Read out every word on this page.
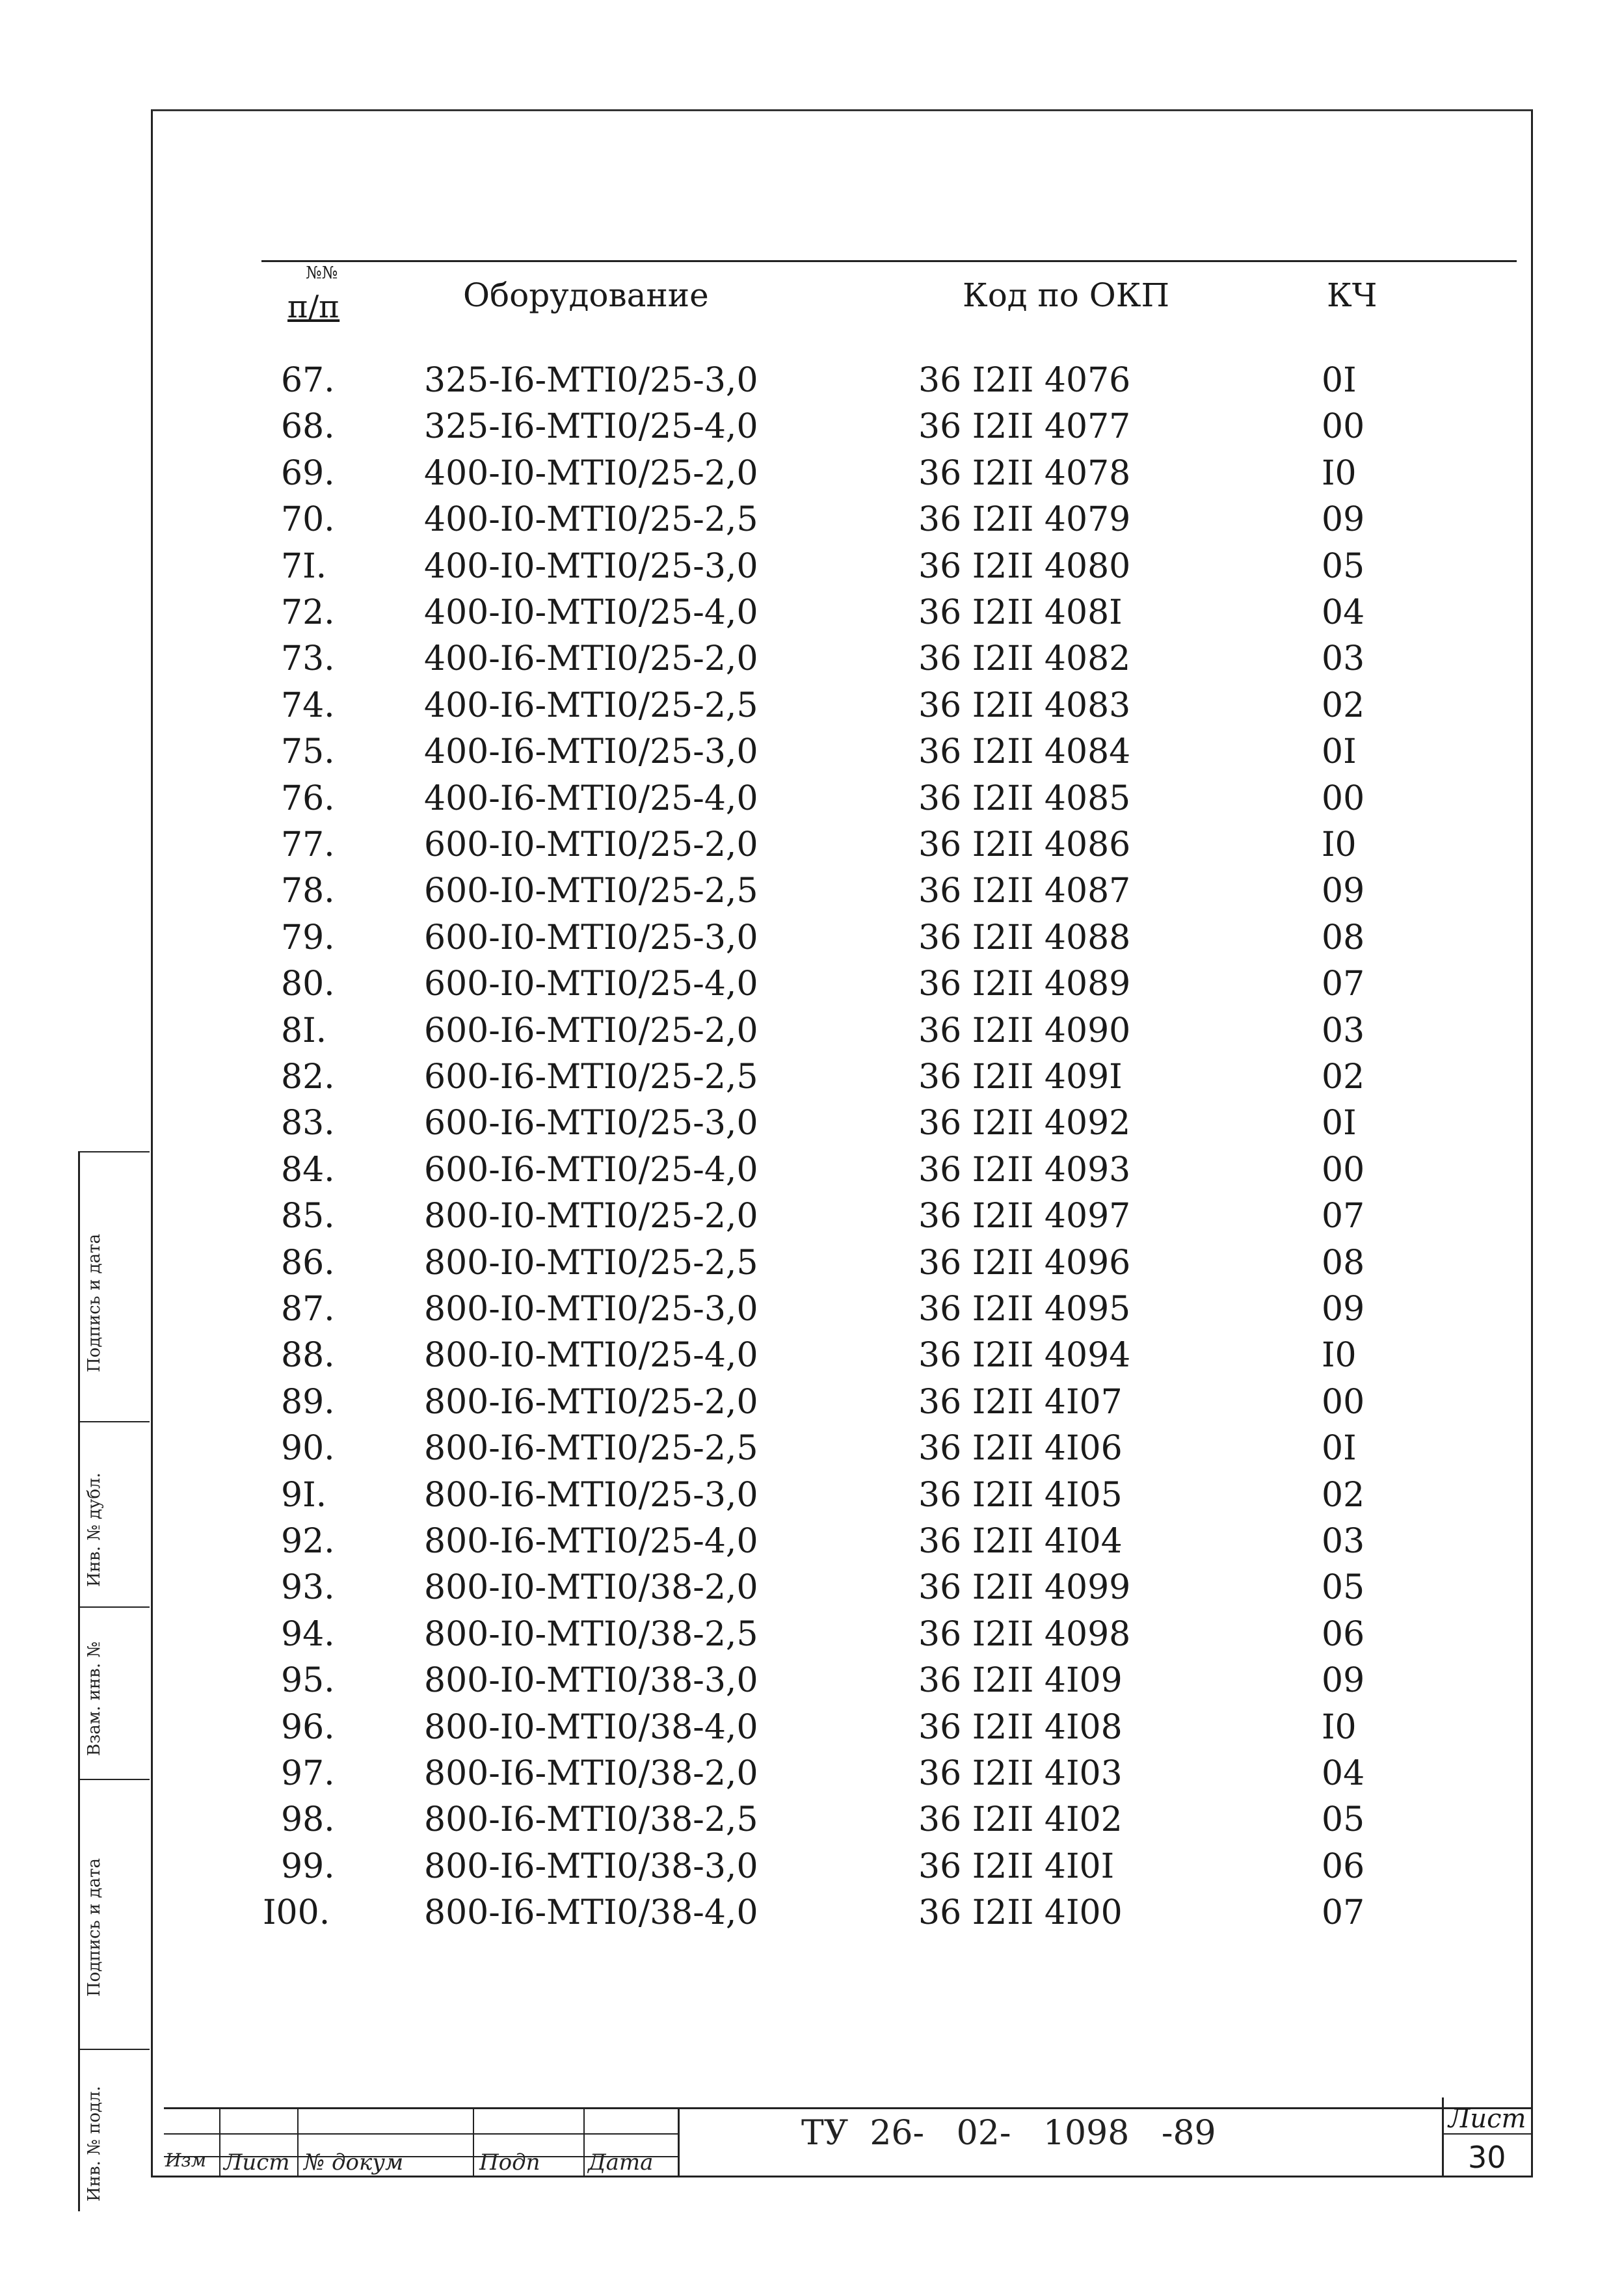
№№
п/п	Оборудование	Код по ОКП	КЧ
67.	325-I6-МТI0/25-3,0	36 I2II 4076	0I
68.	325-I6-МТI0/25-4,0	36 I2II 4077	00
69.	400-I0-МТI0/25-2,0	36 I2II 4078	I0
70.	400-I0-МТI0/25-2,5	36 I2II 4079	09
7I.	400-I0-МТI0/25-3,0	36 I2II 4080	05
72.	400-I0-МТI0/25-4,0	36 I2II 408I	04
73.	400-I6-МТI0/25-2,0	36 I2II 4082	03
74.	400-I6-МТI0/25-2,5	36 I2II 4083	02
75.	400-I6-МТI0/25-3,0	36 I2II 4084	0I
76.	400-I6-МТI0/25-4,0	36 I2II 4085	00
77.	600-I0-МТI0/25-2,0	36 I2II 4086	I0
78.	600-I0-МТI0/25-2,5	36 I2II 4087	09
79.	600-I0-МТI0/25-3,0	36 I2II 4088	08
80.	600-I0-МТI0/25-4,0	36 I2II 4089	07
8I.	600-I6-МТI0/25-2,0	36 I2II 4090	03
82.	600-I6-МТI0/25-2,5	36 I2II 409I	02
83.	600-I6-МТI0/25-3,0	36 I2II 4092	0I
84.	600-I6-МТI0/25-4,0	36 I2II 4093	00
85.	800-I0-МТI0/25-2,0	36 I2II 4097	07
86.	800-I0-МТI0/25-2,5	36 I2II 4096	08
87.	800-I0-МТI0/25-3,0	36 I2II 4095	09
88.	800-I0-МТI0/25-4,0	36 I2II 4094	I0
89.	800-I6-МТI0/25-2,0	36 I2II 4I07	00
90.	800-I6-МТI0/25-2,5	36 I2II 4I06	0I
9I.	800-I6-МТI0/25-3,0	36 I2II 4I05	02
92.	800-I6-МТI0/25-4,0	36 I2II 4I04	03
93.	800-I0-МТI0/38-2,0	36 I2II 4099	05
94.	800-I0-МТI0/38-2,5	36 I2II 4098	06
95.	800-I0-МТI0/38-3,0	36 I2II 4I09	09
96.	800-I0-МТI0/38-4,0	36 I2II 4I08	I0
97.	800-I6-МТI0/38-2,0	36 I2II 4I03	04
98.	800-I6-МТI0/38-2,5	36 I2II 4I02	05
99.	800-I6-МТI0/38-3,0	36 I2II 4I0I	06
I00.	800-I6-МТI0/38-4,0	36 I2II 4I00	07
Подпись и дата
Инв. № дубл.
Взам. инв. №
Подпись и дата
Инв. № подл.	Изм Лист № докум	Подп Дата
ТУ  26-   02-   1098   -89	Лист
30
